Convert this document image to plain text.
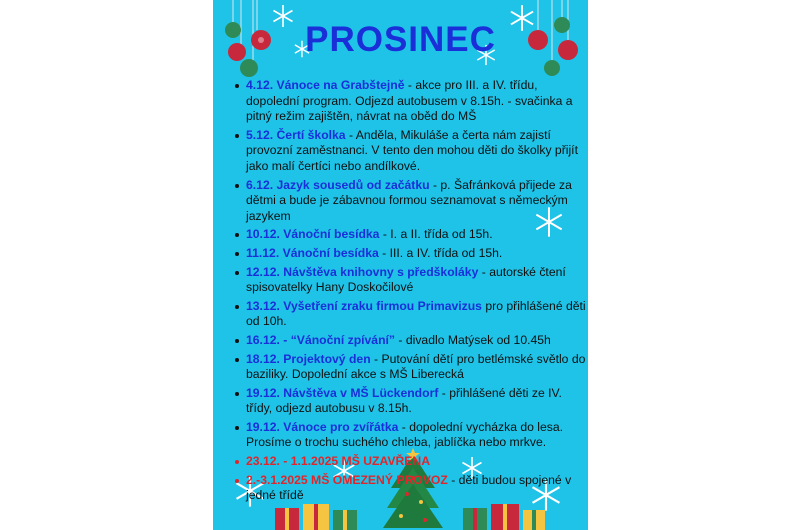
PROSINEC
4.12. Vánoce na Grabštejně - akce pro III. a IV. třídu, dopolední program. Odjezd autobusem v 8.15h. - svačinka a pitný režim zajištěn, návrat na oběd do MŠ
5.12. Čertí školka - Anděla, Mikuláše a čerta nám zajistí provozní zaměstnanci. V tento den mohou děti do školky přijít jako malí čertíci nebo andílkové.
6.12. Jazyk sousedů od začátku - p. Šafránková přijede za dětmi a bude je zábavnou formou seznamovat s německým jazykem
10.12. Vánoční besídka - I. a II. třída od 15h.
11.12. Vánoční besídka - III. a IV. třída od 15h.
12.12. Návštěva knihovny s předškoláky - autorské čtení spisovatelky Hany Doskočilové
13.12. Vyšetření zraku firmou Primavizus pro přihlášené děti od 10h.
16.12. - “Vánoční zpívání” - divadlo Matýsek od 10.45h
18.12. Projektový den - Putování dětí pro betlémské světlo do baziliky. Dopolední akce s MŠ Liberecká
19.12. Návštěva v MŠ Lückendorf - přihlášené děti ze IV. třídy, odjezd autobusu v 8.15h.
19.12. Vánoce pro zvířátka - dopolední vycházka do lesa. Prosíme o trochu suchého chleba, jablíčka nebo mrkve.
23.12. - 1.1.2025 MŠ UZAVŘENA
2.-3.1.2025 MŠ OMEZENÝ PROVOZ - děti budou spojené v jedné třídě
